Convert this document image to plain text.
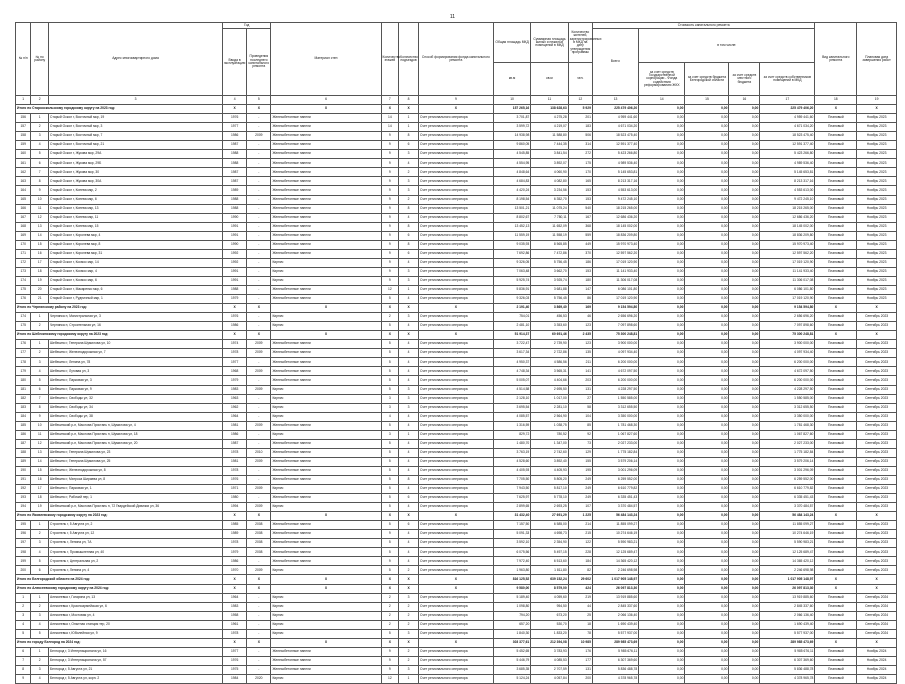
11
№ п/п	№ по району	Адрес многоквартирного дома	Год		Материал стен	Количество этажей	Количество подъездов	Способ формирования фонда капитального ремонта	Общая площадь МКД	Суммарная площадь жилых и нежилых помещений в МКД	Количество жителей, зарегистрированных в МКД на дату утверждения программы	Стоимость капитального ремонта					Вид капитального ремонта	Плановая дата завершения работ
			Ввода в эксплуатацию	Проведения последнего капитального ремонта								Всего:	в том числе:					
									кв.м	кв.м	чел.		за счет средств Государственной корпорации - Фонда содействия реформированию ЖКХ	за счет средств бюджета Белгородской области	за счет средств местного бюджета	за счет средств собственников помещений в МКД		
1	2	3	4	5	6	7	8	9	10	11	12	13	14	15	16	17	18	19
Итого по Старооскольскому городскому округу на 2023 год:			X	X	X	X	X	X	157 265,16	138 628,63	5 929	225 479 406,20	0,00	0,00	0,00	225 479 406,20	X	X
156	1	Старый Оскол г, Восточный мкр, 19	1976	-	Железобетонные панели	14	1	Счет регионального оператора	3 701,87	4 275,28	201	4 959 441,60	0,00	0,00	0,00	4 959 441,60	Плановый	Ноябрь 2023
157	2	Старый Оскол г, Восточный мкр, 3	1977	-	Железобетонные панели	14	1	Счет регионального оператора	3 599,72	4 219,07	183	4 671 034,20	0,00	0,00	0,00	4 671 034,20	Плановый	Ноябрь 2023
158	3	Старый Оскол г, Восточный мкр, 7	1986	2009	Железобетонные панели	9	8	Счет регионального оператора	14 938,98	11 588,80	506	18 523 475,40	0,00	0,00	0,00	18 523 475,40	Плановый	Ноябрь 2023
159	4	Старый Оскол г, Восточный мкр, 21	1987	-	Железобетонные панели	9	6	Счет регионального оператора	9 860,05	7 444,35	314	12 591 377,40	0,00	0,00	0,00	12 591 377,40	Плановый	Ноябрь 2023
160	5	Старый Оскол г, Жукова мкр, 29А	1988	-	Железобетонные панели	9	3	Счет регионального оператора	4 545,85	3 841,54	272	5 423 266,80	0,00	0,00	0,00	5 423 266,80	Плановый	Ноябрь 2023
161	6	Старый Оскол г, Жукова мкр, 29Б	1988	-	Железобетонные панели	9	4	Счет регионального оператора	4 554,95	3 892,07	175	4 989 536,40	0,00	0,00	0,00	4 989 536,40	Плановый	Ноябрь 2023
162	7	Старый Оскол г, Жукова мкр, 30	1987	-	Железобетонные панели	9	2	Счет регионального оператора	4 848,64	4 060,90	170	5 145 653,81	0,00	0,00	0,00	5 145 653,81	Плановый	Ноябрь 2023
163	8	Старый Оскол г, Жукова мкр, 30А	1987	-	Железобетонные панели	9	3	Счет регионального оператора	4 684,83	4 082,80	165	8 213 317,16	0,00	0,00	0,00	8 213 317,16	Плановый	Ноябрь 2023
164	9	Старый Оскол г, Конева мкр, 2	1989	-	Железобетонные панели	9	3	Счет регионального оператора	4 420,24	3 234,56	153	4 553 613,00	0,00	0,00	0,00	4 553 613,00	Плановый	Ноябрь 2023
165	10	Старый Оскол г, Конева мкр, 6	1988	-	Железобетонные панели	9	2	Счет регионального оператора	8 198,54	6 352,70	153	9 472 245,10	0,00	0,00	0,00	9 472 245,10	Плановый	Ноябрь 2023
166	11	Старый Оскол г, Конева мкр, 13	1988	-	Железобетонные панели	9	8	Счет регионального оператора	13 501,21	11 075,24	540	18 215 265,00	0,00	0,00	0,00	18 215 265,00	Плановый	Ноябрь 2023
167	12	Старый Оскол г, Конева мкр, 11	1990	-	Железобетонные панели	9	4	Счет регионального оператора	8 802,67	7 780,11	167	12 686 436,20	0,00	0,00	0,00	12 686 436,20	Плановый	Ноябрь 2023
168	13	Старый Оскол г, Конева мкр, 15	1991	-	Железобетонные панели	9	8	Счет регионального оператора	13 452,13	11 652,09	368	18 145 002,00	0,00	0,00	0,00	18 145 002,00	Плановый	Ноябрь 2023
169	14	Старый Оскол г, Королева мкр, 4	1991	-	Железобетонные панели	9	6	Счет регионального оператора	11 559,19	11 558,19	559	18 836 209,80	0,00	0,00	0,00	18 836 209,80	Плановый	Ноябрь 2023
170	15	Старый Оскол г, Королева мкр, 8	1990	-	Железобетонные панели	9	8	Счет регионального оператора	9 035,93	8 565,85	449	15 970 973,40	0,00	0,00	0,00	15 970 973,40	Плановый	Ноябрь 2023
171	16	Старый Оскол г, Королева мкр, 31	1992	-	Железобетонные панели	9	6	Счет регионального оператора	7 692,86	7 472,86	370	12 597 562,20	0,00	0,00	0,00	12 597 562,20	Плановый	Ноябрь 2023
172	17	Старый Оскол г, Космос мкр, 14	1992	-	Кирпич	9	4	Счет регионального оператора	9 326,05	5 756,45	186	17 019 120,90	0,00	0,00	0,00	17 019 120,90	Плановый	Ноябрь 2023
173	18	Старый Оскол г, Космос мкр, 4	1991	-	Кирпич	9	3	Счет регионального оператора	7 063,48	3 662,70	153	11 141 933,40	0,00	0,00	0,00	11 141 933,40	Плановый	Ноябрь 2023
174	19	Старый Оскол г, Космос мкр, 6	1991	-	Кирпич	9	3	Счет регионального оператора	5 925,74	3 925,74	180	11 306 017,08	0,00	0,00	0,00	11 306 017,08	Плановый	Ноябрь 2023
175	20	Старый Оскол г, Макаренко мкр, 6	1988	-	Железобетонные панели	12	1	Счет регионального оператора	5 836,91	3 681,88	147	6 086 101,80	0,00	0,00	0,00	6 086 101,80	Плановый	Ноябрь 2023
176	21	Старый Оскол г, Рудничный мкр, 1	1979	-	Железобетонные панели	5	4	Счет регионального оператора	9 326,03	5 756,45	86	17 019 120,90	0,00	0,00	0,00	17 019 120,90	Плановый	Ноябрь 2023
Итого по Чернянскому району на 2023 год:			X	X	X	X	X	X	2 191,40	3 869,40	169	9 154 594,80	0,00	0,00	0,00	9 154 594,80	X	X
174	1	Чернянка п, Магистральная ул, 3	1976	-	Кирпич	2	3	Счет регионального оператора	754,01	456,53	46	2 656 696,20	0,00	0,00	0,00	2 656 696,20	Плановый	Сентябрь 2023
175	2	Чернянка п, Строительная ул, 16	1986	-	Кирпич	5	4	Счет регионального оператора	2 481,10	3 353,60	123	7 097 898,60	0,00	0,00	0,00	7 097 898,60	Плановый	Сентябрь 2023
Итого по Шебекинскому городскому округу на 2023 год:			X	X	X	X	X	X	51 914,37	60 691,46	2 435	75 300 248,81	0,00	0,00	0,00	75 300 248,81	X	X
176	1	Шебекино г, Генерала Шумилова ул, 10	1974	2009	Железобетонные панели	5	4	Счет регионального оператора	3 722,47	2 739,90	123	3 900 000,00	0,00	0,00	0,00	3 900 000,00	Плановый	Сентябрь 2023
177	2	Шебекино г, Железнодорожная ул, 7	1978	2009	Железобетонные панели	5	4	Счет регионального оператора	3 617,34	2 722,86	135	4 097 934,40	0,00	0,00	0,00	4 097 934,40	Плановый	Сентябрь 2023
178	3	Шебекино г, Ленина ул, 78	1977	-	Железобетонные панели	5	4	Счет регионального оператора	4 950,37	4 586,56	211	6 200 000,00	0,00	0,00	0,00	6 200 000,00	Плановый	Сентябрь 2023
179	4	Шебекино г, Луговая ул, 3	1968	2009	Железобетонные панели	5	4	Счет регионального оператора	4 748,34	3 565,31	141	4 672 097,50	0,00	0,00	0,00	4 672 097,50	Плановый	Сентябрь 2023
180	5	Шебекино г, Парковая ул, 3	1979	-	Железобетонные панели	5	4	Счет регионального оператора	5 005,07	4 404,66	203	6 200 000,00	0,00	0,00	0,00	6 200 000,00	Плановый	Сентябрь 2023
181	6	Шебекино г, Парковая ул, 9	1983	2009	Кирпич	5	3	Счет регионального оператора	4 514,58	2 695,50	131	4 228 297,50	0,00	0,00	0,00	4 228 297,50	Плановый	Сентябрь 2023
182	7	Шебекино г, Свободы ул, 32	1963	-	Кирпич	3	3	Счет регионального оператора	2 128,10	1 017,00	27	1 550 585,00	0,00	0,00	0,00	1 550 585,00	Плановый	Сентябрь 2023
183	8	Шебекино г, Свободы ул, 34	1962	-	Кирпич	3	3	Счет регионального оператора	3 695,54	2 281,10	58	3 312 655,50	0,00	0,00	0,00	3 312 655,50	Плановый	Сентябрь 2023
184	9	Шебекино г, Свободы ул, 38	1964	-	Кирпич	4	4	Счет регионального оператора	4 085,57	2 564,90	104	3 350 000,00	0,00	0,00	0,00	3 350 000,00	Плановый	Сентябрь 2023
185	10	Шебекинский р-н, Маслова Пристань п, Шумилова ул, 4	1981	2009	Железобетонные панели	5	4	Счет регионального оператора	1 316,59	1 038,75	85	1 781 468,30	0,00	0,00	0,00	1 781 468,30	Плановый	Сентябрь 2023
186	11	Шебекинский р-н, Маслова Пристань п, Шумилова ул, 18	1986	-	Кирпич	3	1	Счет регионального оператора	829,72	780,52	92	1 067 827,60	0,00	0,00	0,00	1 067 827,60	Плановый	Сентябрь 2023
187	12	Шебекинский р-н, Маслова Пристань п, Шумилова ул, 20	1987	-	Железобетонные панели	5	4	Счет регионального оператора	1 480,70	1 347,00	73	2 027 233,00	0,00	0,00	0,00	2 027 233,00	Плановый	Сентябрь 2023
188	13	Шебекино г, Генерала Шумилова ул, 23	1978	2010	Железобетонные панели	5	4	Счет регионального оператора	3 763,19	2 742,60	129	1 775 182,84	0,00	0,00	0,00	1 775 182,84	Плановый	Сентябрь 2023
189	14	Шебекино г, Генерала Шумилова ул, 25	1981	2009	Железобетонные панели	5	4	Счет регионального оператора	4 528,60	3 892,40	155	3 579 206,14	0,00	0,00	0,00	3 579 206,14	Плановый	Сентябрь 2023
190	15	Шебекино г, Железнодорожная ул, 8	1978	-	Железобетонные панели	5	4	Счет регионального оператора	4 405,93	4 405,93	195	3 001 296,09	0,00	0,00	0,00	3 001 296,09	Плановый	Сентябрь 2023
191	16	Шебекино г, Матроса Шираева ул, 8	1976	-	Железобетонные панели	5	8	Счет регионального оператора	7 705,50	5 805,20	249	6 259 552,00	0,00	0,00	0,00	6 259 552,00	Плановый	Сентябрь 2023
192	17	Шебекино г, Парковая ул, 1	1971	2009	Кирпич	5	4	Счет регионального оператора	7 943,50	5 817,10	249	6 610 779,82	0,00	0,00	0,00	6 610 779,82	Плановый	Сентябрь 2023
193	18	Шебекино г, Рабочий пер, 1	1980	-	Железобетонные панели	5	6	Счет регионального оператора	7 625,97	5 778,10	249	6 335 451,43	0,00	0,00	0,00	6 335 451,43	Плановый	Сентябрь 2023
194	19	Шебекинский р-н, Маслова Пристань п, 72 Гвардейской Дивизии ул, 36	1994	2009	Кирпич	5	4	Счет регионального оператора	2 899,65	2 693,25	107	3 370 484,57	0,00	0,00	0,00	3 370 484,57	Плановый	Сентябрь 2023
Итого по Яковлевскому городскому округу на 2023 год:			X	X	X	X	X	X	31 432,40	27 691,29	1 225	56 484 143,24	0,00	0,00	0,00	56 484 143,24	X	X
195	1	Строитель г, 5 Августа ул, 2	1985	2008	Железобетонные панели	5	6	Счет регионального оператора	7 157,50	6 585,00	214	11 855 099,27	0,00	0,00	0,00	11 855 099,27	Плановый	Сентябрь 2023
196	2	Строитель г, 5 Августа ул, 12	1989	2008	Железобетонные панели	9	4	Счет регионального оператора	5 091,33	4 698,73	215	10 274 646,19	0,00	0,00	0,00	10 274 646,19	Плановый	Сентябрь 2023
197	3	Строитель г, Ленина ул, 7А	1978	2008	Железобетонные панели	5	4	Счет регионального оператора	3 592,10	2 354,90	122	5 590 983,21	0,00	0,00	0,00	5 590 983,21	Плановый	Сентябрь 2023
198	4	Строитель г, Промышленная ул, 40	1979	2008	Железобетонные панели	5	4	Счет регионального оператора	6 075,56	5 497,15	228	12 125 689,47	0,00	0,00	0,00	12 125 689,47	Плановый	Сентябрь 2023
199	5	Строитель г, Центральная ул, 2	1986	-	Железобетонные панели	9	4	Счет регионального оператора	7 972,40	6 513,60	184	14 365 420,12	0,00	0,00	0,00	14 365 420,12	Плановый	Сентябрь 2023
200	6	Строитель г, Ленина ул, 4	1970	2009	Кирпич	5	2	Счет регионального оператора	1 963,80	1 811,80	82	2 246 698,98	0,00	0,00	0,00	2 246 698,98	Плановый	Сентябрь 2023
Итого по Белгородской области на 2024 год:			X	X	X	X	X	X	816 125,52	639 152,24	29 602	1 017 905 148,97	0,00	0,00	0,00	1 017 905 148,97	X	X
Итого по Алексеевскому городскому округу на 2024 год:			X	X	X	X	X	X	9 580,00	8 579,00	424	26 097 813,30	0,00	0,00	0,00	26 097 813,30	X	X
1	1	Алексеевка г, Гагарина ул, 13	1964	-	Кирпич	2	3	Счет регионального оператора	5 189,40	4 059,60	219	13 919 885,60	0,00	0,00	0,00	13 919 885,60	Плановый	Сентябрь 2024
2	2	Алексеевка г, Красноармейская ул, 6	1983	-	Кирпич	2	2	Счет регионального оператора	1 098,80	954,50	44	2 845 337,60	0,00	0,00	0,00	2 845 337,60	Плановый	Сентябрь 2024
3	3	Алексеевка г, Мостовая ул, 4	1958	-	Кирпич	2	2	Счет регионального оператора	794,20	673,20	25	2 066 136,40	0,00	0,00	0,00	2 066 136,40	Плановый	Сентябрь 2024
4	4	Алексеевка г, Опытная станция тер, 20	1961	-	Кирпич	2	2	Счет регионального оператора	657,20	530,70	18	1 690 439,40	0,00	0,00	0,00	1 690 439,40	Плановый	Сентябрь 2024
5	5	Алексеевка г, Юбилейная ул, 9	1978	-	Кирпич	5	3	Счет регионального оператора	1 840,30	1 833,20	78	5 577 937,00	0,00	0,00	0,00	5 577 937,00	Плановый	Сентябрь 2024
Итого по городу Белгород на 2024 год:			X	X	X	X	X	X	303 377,61	212 394,08	10 985	289 985 473,69	0,00	0,00	0,00	289 985 473,69	X	X
6	1	Белгород г, 3 Интернационала ул, 16	1977	-	Железобетонные панели	9	2	Счет регионального оператора	5 452,65	3 783,93	176	5 985 676,11	0,00	0,00	0,00	5 985 676,11	Плановый	Ноябрь 2024
7	2	Белгород г, 3 Интернационала ул, 57	1976	-	Железобетонные панели	9	2	Счет регионального оператора	5 446,79	4 085,53	177	6 307 369,60	0,00	0,00	0,00	6 307 369,60	Плановый	Ноябрь 2024
8	3	Белгород г, 5 Августа ул, 21	1975	-	Железобетонные панели	9	3	Счет регионального оператора	3 685,35	2 707,59	131	5 836 488,78	0,00	0,00	0,00	5 836 488,78	Плановый	Ноябрь 2024
9	4	Белгород г, 5 Августа ул, корп. 2	1984	2020	Кирпич	12	1	Счет регионального оператора	5 124,24	4 057,84	200	4 378 965,78	0,00	0,00	0,00	4 378 965,78	Плановый	Ноябрь 2024
